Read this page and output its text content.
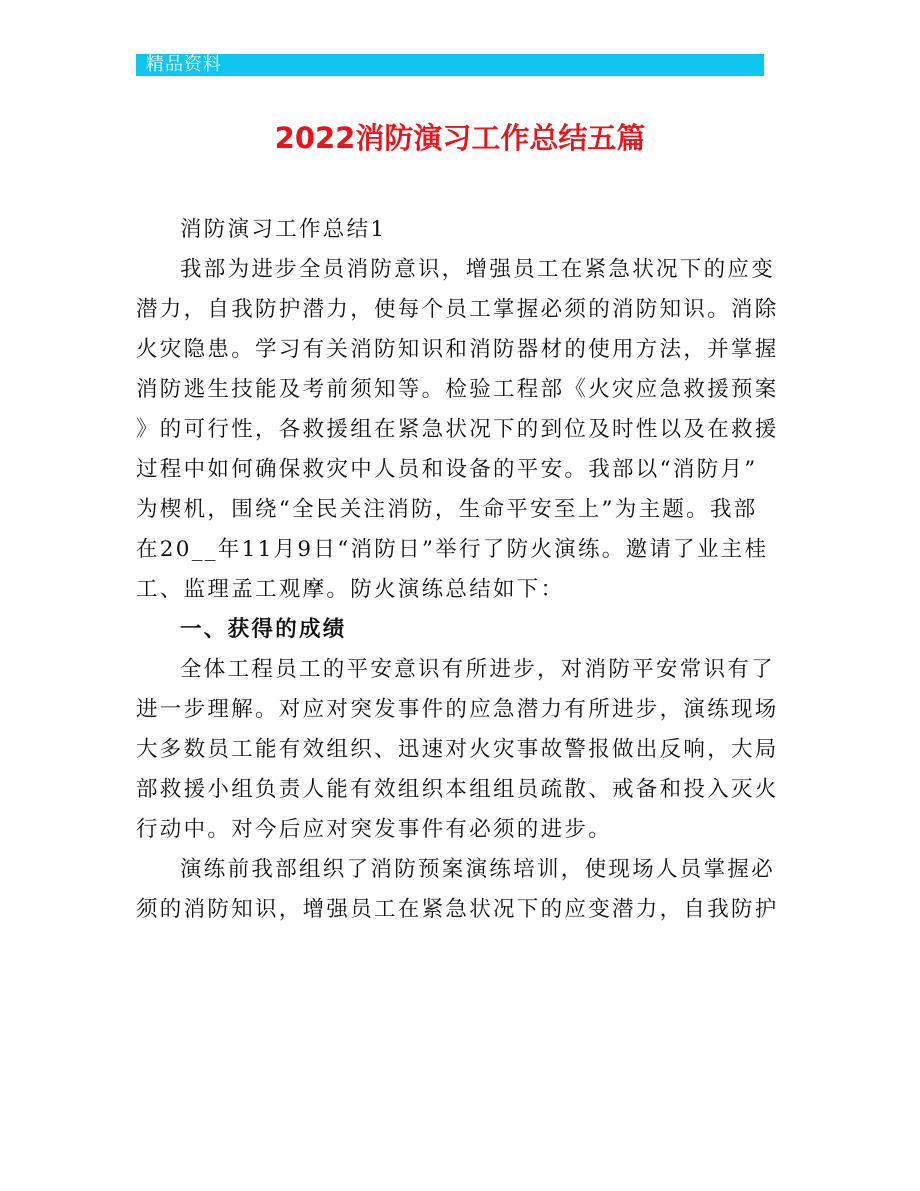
精品资料
2022消防演习工作总结五篇
消防演习工作总结1
我部为进步全员消防意识，增强员工在紧急状况下的应变
潜力，自我防护潜力，使每个员工掌握必须的消防知识。消除
火灾隐患。学习有关消防知识和消防器材的使用方法，并掌握
消防逃生技能及考前须知等。检验工程部《火灾应急救援预案
》的可行性，各救援组在紧急状况下的到位及时性以及在救援
过程中如何确保救灾中人员和设备的平安。我部以“消防月”
为楔机，围绕“全民关注消防，生命平安至上”为主题。我部
在20__年11月9日“消防日”举行了防火演练。邀请了业主桂
工、监理孟工观摩。防火演练总结如下：
一、获得的成绩
全体工程员工的平安意识有所进步，对消防平安常识有了
进一步理解。对应对突发事件的应急潜力有所进步，演练现场
大多数员工能有效组织、迅速对火灾事故警报做出反响，大局
部救援小组负责人能有效组织本组组员疏散、戒备和投入灭火
行动中。对今后应对突发事件有必须的进步。
演练前我部组织了消防预案演练培训，使现场人员掌握必
须的消防知识，增强员工在紧急状况下的应变潜力，自我防护
